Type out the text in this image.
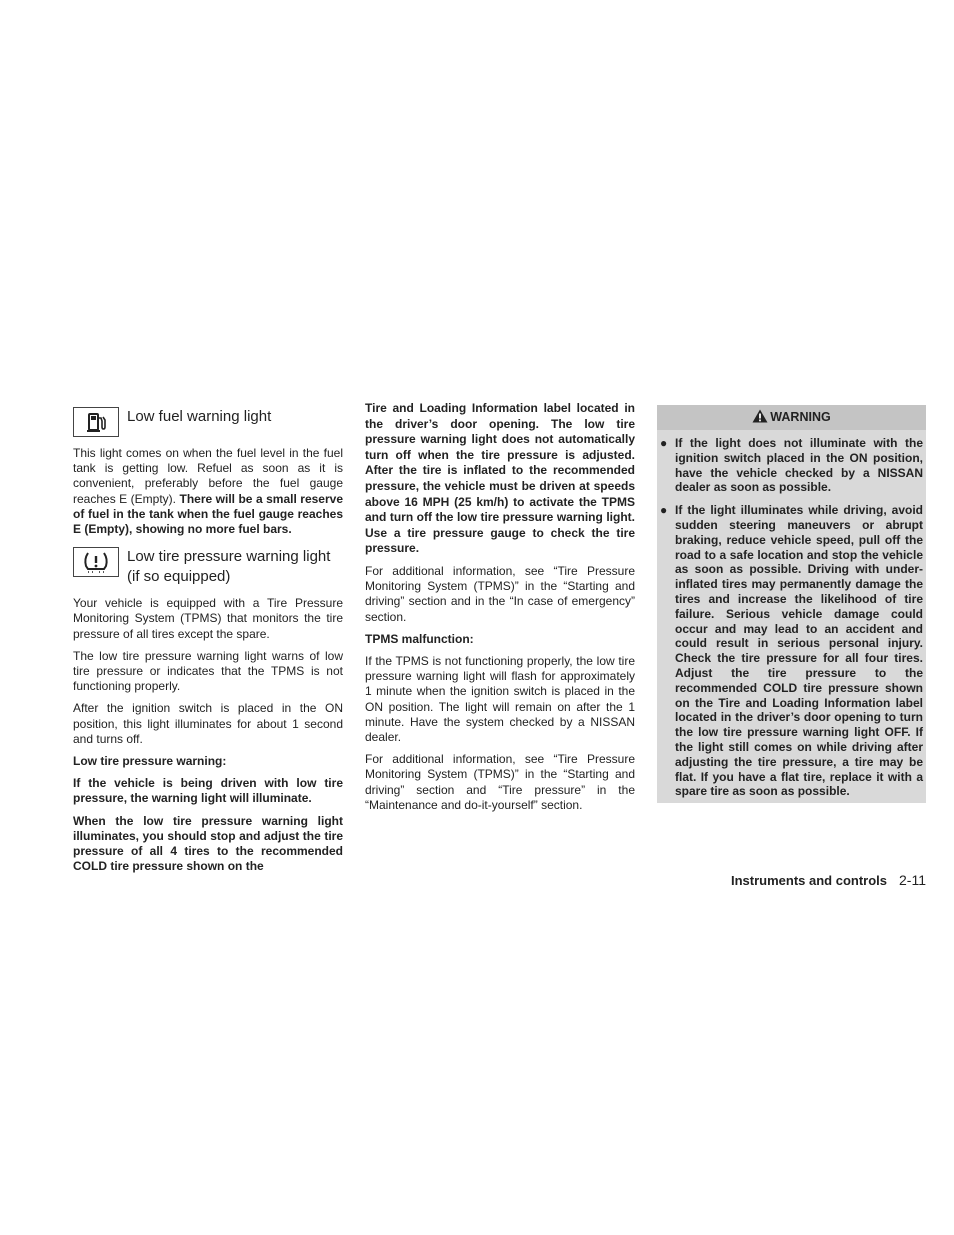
Low fuel warning light

This light comes on when the fuel level in the fuel tank is getting low. Refuel as soon as it is convenient, preferably before the fuel gauge reaches E (Empty). There will be a small reserve of fuel in the tank when the fuel gauge reaches E (Empty), showing no more fuel bars.

Low tire pressure warning light (if so equipped)

Your vehicle is equipped with a Tire Pressure Monitoring System (TPMS) that monitors the tire pressure of all tires except the spare.

The low tire pressure warning light warns of low tire pressure or indicates that the TPMS is not functioning properly.

After the ignition switch is placed in the ON position, this light illuminates for about 1 second and turns off.

Low tire pressure warning:

If the vehicle is being driven with low tire pressure, the warning light will illuminate.

When the low tire pressure warning light illuminates, you should stop and adjust the tire pressure of all 4 tires to the recommended COLD tire pressure shown on the

Tire and Loading Information label located in the driver’s door opening. The low tire pressure warning light does not automatically turn off when the tire pressure is adjusted. After the tire is inflated to the recommended pressure, the vehicle must be driven at speeds above 16 MPH (25 km/h) to activate the TPMS and turn off the low tire pressure warning light. Use a tire pressure gauge to check the tire pressure.

For additional information, see “Tire Pressure Monitoring System (TPMS)” in the “Starting and driving” section and in the “In case of emergency” section.

TPMS malfunction:

If the TPMS is not functioning properly, the low tire pressure warning light will flash for approximately 1 minute when the ignition switch is placed in the ON position. The light will remain on after the 1 minute. Have the system checked by a NISSAN dealer.

For additional information, see “Tire Pressure Monitoring System (TPMS)” in the “Starting and driving” section and “Tire pressure” in the “Maintenance and do-it-yourself” section.

WARNING
● If the light does not illuminate with the ignition switch placed in the ON position, have the vehicle checked by a NISSAN dealer as soon as possible.
● If the light illuminates while driving, avoid sudden steering maneuvers or abrupt braking, reduce vehicle speed, pull off the road to a safe location and stop the vehicle as soon as possible. Driving with under-inflated tires may permanently damage the tires and increase the likelihood of tire failure. Serious vehicle damage could occur and may lead to an accident and could result in serious personal injury. Check the tire pressure for all four tires. Adjust the tire pressure to the recommended COLD tire pressure shown on the Tire and Loading Information label located in the driver’s door opening to turn the low tire pressure warning light OFF. If the light still comes on while driving after adjusting the tire pressure, a tire may be flat. If you have a flat tire, replace it with a spare tire as soon as possible.
Instruments and controls 2-11
